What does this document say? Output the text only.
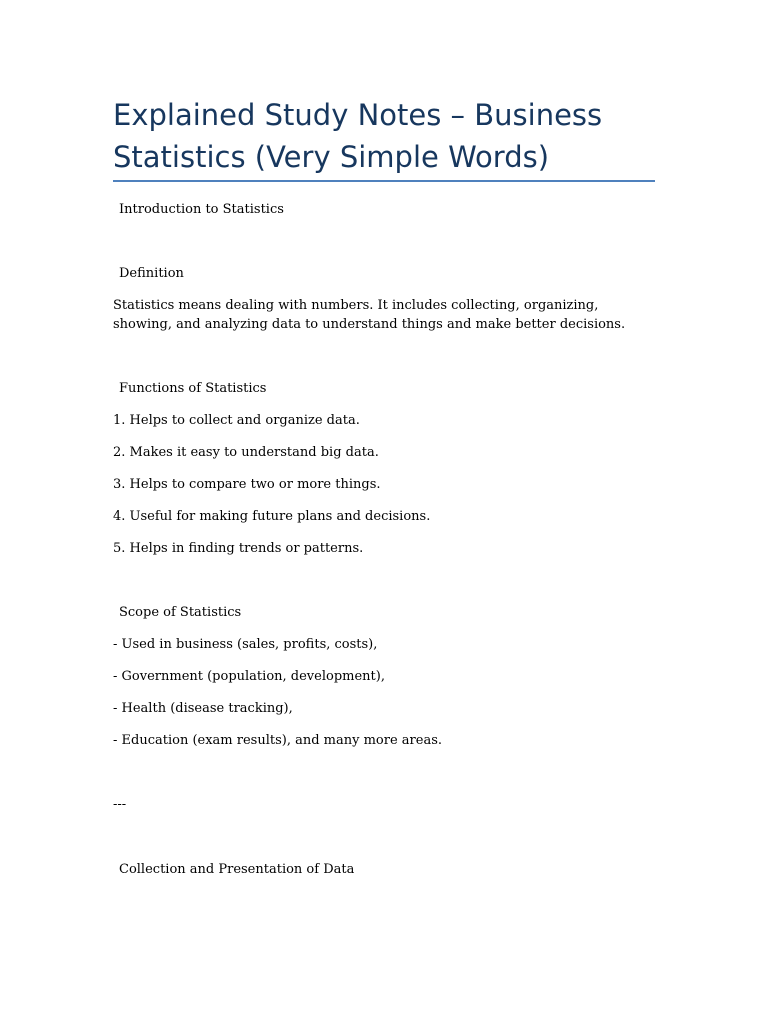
Explained Study Notes – Business Statistics (Very Simple Words)

Introduction to Statistics

Definition

Statistics means dealing with numbers. It includes collecting, organizing, showing, and analyzing data to understand things and make better decisions.

Functions of Statistics

1. Helps to collect and organize data.

2. Makes it easy to understand big data.

3. Helps to compare two or more things.

4. Useful for making future plans and decisions.

5. Helps in finding trends or patterns.

Scope of Statistics

- Used in business (sales, profits, costs),

- Government (population, development),

- Health (disease tracking),

- Education (exam results), and many more areas.

---

Collection and Presentation of Data
